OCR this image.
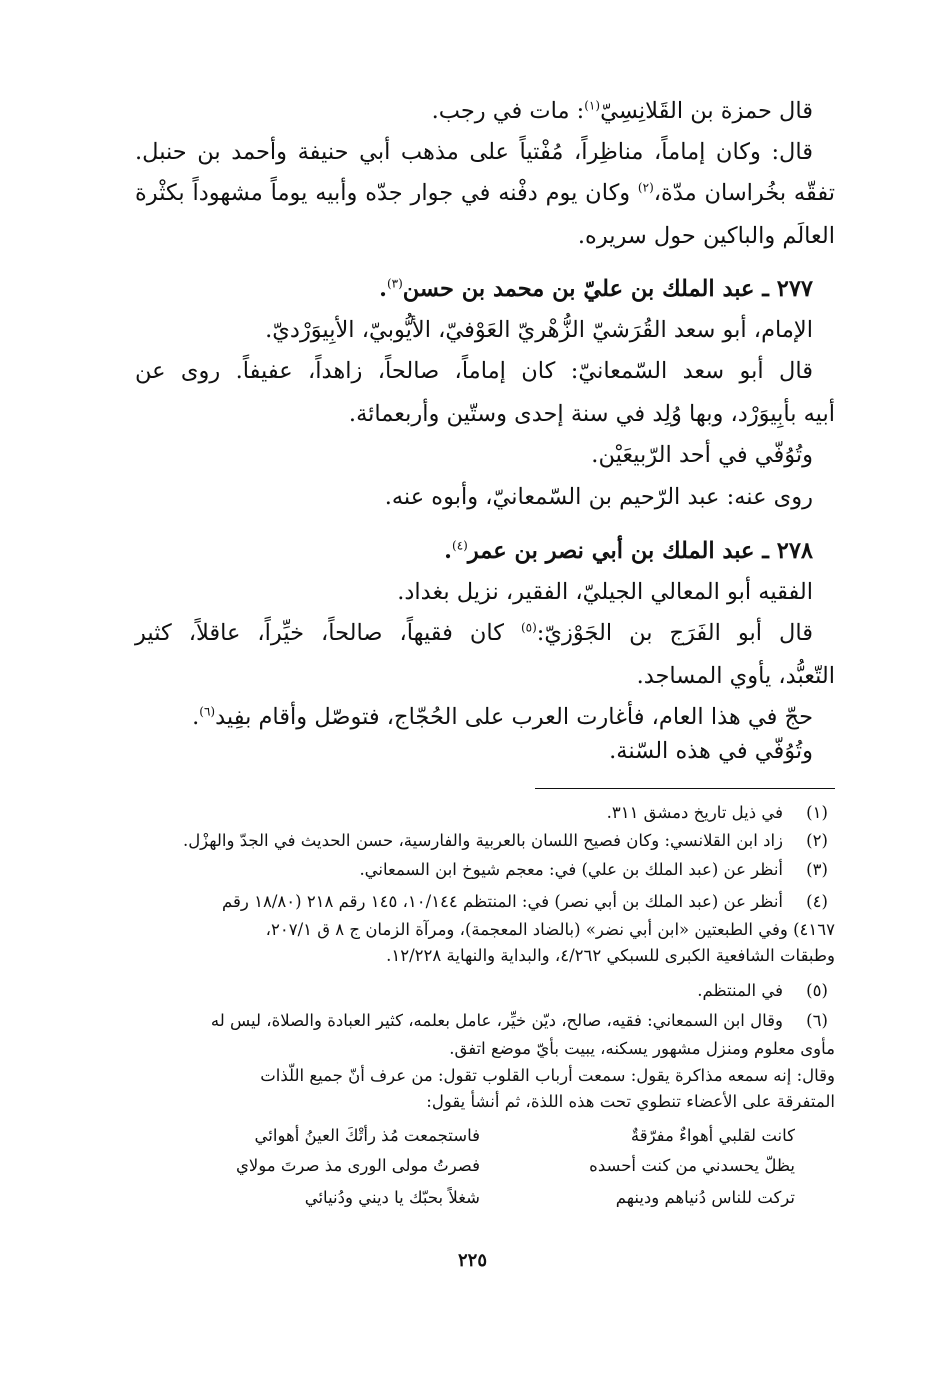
قال حمزة بن القَلانِسِيّ$^{(١)}$: مات في رجب.
قال: وكان إماماً، مناظِراً، مُفْتياً على مذهب أبي حنيفة وأحمد بن حنبل.
تفقّه بخُراسان مدّة،$^{(٢)}$ وكان يوم دفْنه في جوار جدّه وأبيه يوماً مشهوداً بكثْرة
العالَم والباكين حول سريره.
٢٧٧ ـ عبد الملك بن عليّ بن محمد بن حسن$^{(٣)}$.
الإمام، أبو سعد القُرَشيّ الزُّهْريّ العَوْفيّ، الأيُّوبيّ، الأبِيوَرْديّ.
قال أبو سعد السّمعانيّ: كان إماماً، صالحاً، زاهداً، عفيفاً. روى عن
أبيه بأبِيوَرْد، وبها وُلِد في سنة إحدى وستّين وأربعمائة.
وتُوُفّي في أحد الرّبيعَيْن.
روى عنه: عبد الرّحيم بن السّمعانيّ، وأبوه عنه.
٢٧٨ ـ عبد الملك بن أبي نصر بن عمر$^{(٤)}$.
الفقيه أبو المعالي الجيليّ، الفقير، نزيل بغداد.
قال أبو الفَرَج بن الجَوْزيّ:$^{(٥)}$ كان فقيهاً، صالحاً، خيِّراً، عاقلاً، كثير
التّعبُّد، يأوي المساجد.
حجّ في هذا العام، فأغارت العرب على الحُجّاج، فتوصّل وأقام بفِيد$^{(٦)}$.
وتُوُفّي في هذه السّنة.
(١)
في ذيل تاريخ دمشق ٣١١.
(٢)
زاد ابن القلانسي: وكان فصيح اللسان بالعربية والفارسية، حسن الحديث في الجدّ والهزْل.
(٣)
أنظر عن (عبد الملك بن علي) في: معجم شيوخ ابن السمعاني.
(٤)
أنظر عن (عبد الملك بن أبي نصر) في: المنتظم ١٠/١٤٤، ١٤٥ رقم ٢١٨ (١٨/٨٠ رقم
٤١٦٧) وفي الطبعتين «ابن أبي نضر» (بالضاد المعجمة)، ومرآة الزمان ج ٨ ق ٢٠٧/١،
وطبقات الشافعية الكبرى للسبكي ٤/٢٦٢، والبداية والنهاية ١٢/٢٢٨.
(٥)
في المنتظم.
(٦)
وقال ابن السمعاني: فقيه، صالح، ديّن خيِّر، عامل بعلمه، كثير العبادة والصلاة، ليس له
مأوى معلوم ومنزل مشهور يسكنه، يبيت بأيّ موضع اتفق.
وقال: إنه سمعه مذاكرة يقول: سمعت أرباب القلوب تقول: من عرف أنّ جميع اللّذات
المتفرقة على الأعضاء تنطوي تحت هذه اللذة، ثم أنشأ يقول:
كانت لقلبي أهواءٌ مفرّقةٌ
فاستجمعت مُذ رأتْكَ العينُ أهوائي
يظلّ يحسدني من كنت أحسده
فصرتُ مولى الورى مذ صرتَ مولاي
تركت للناس دُنياهم ودينهم
شغلاً بحبّك يا ديني ودُنيائي
٢٢٥
